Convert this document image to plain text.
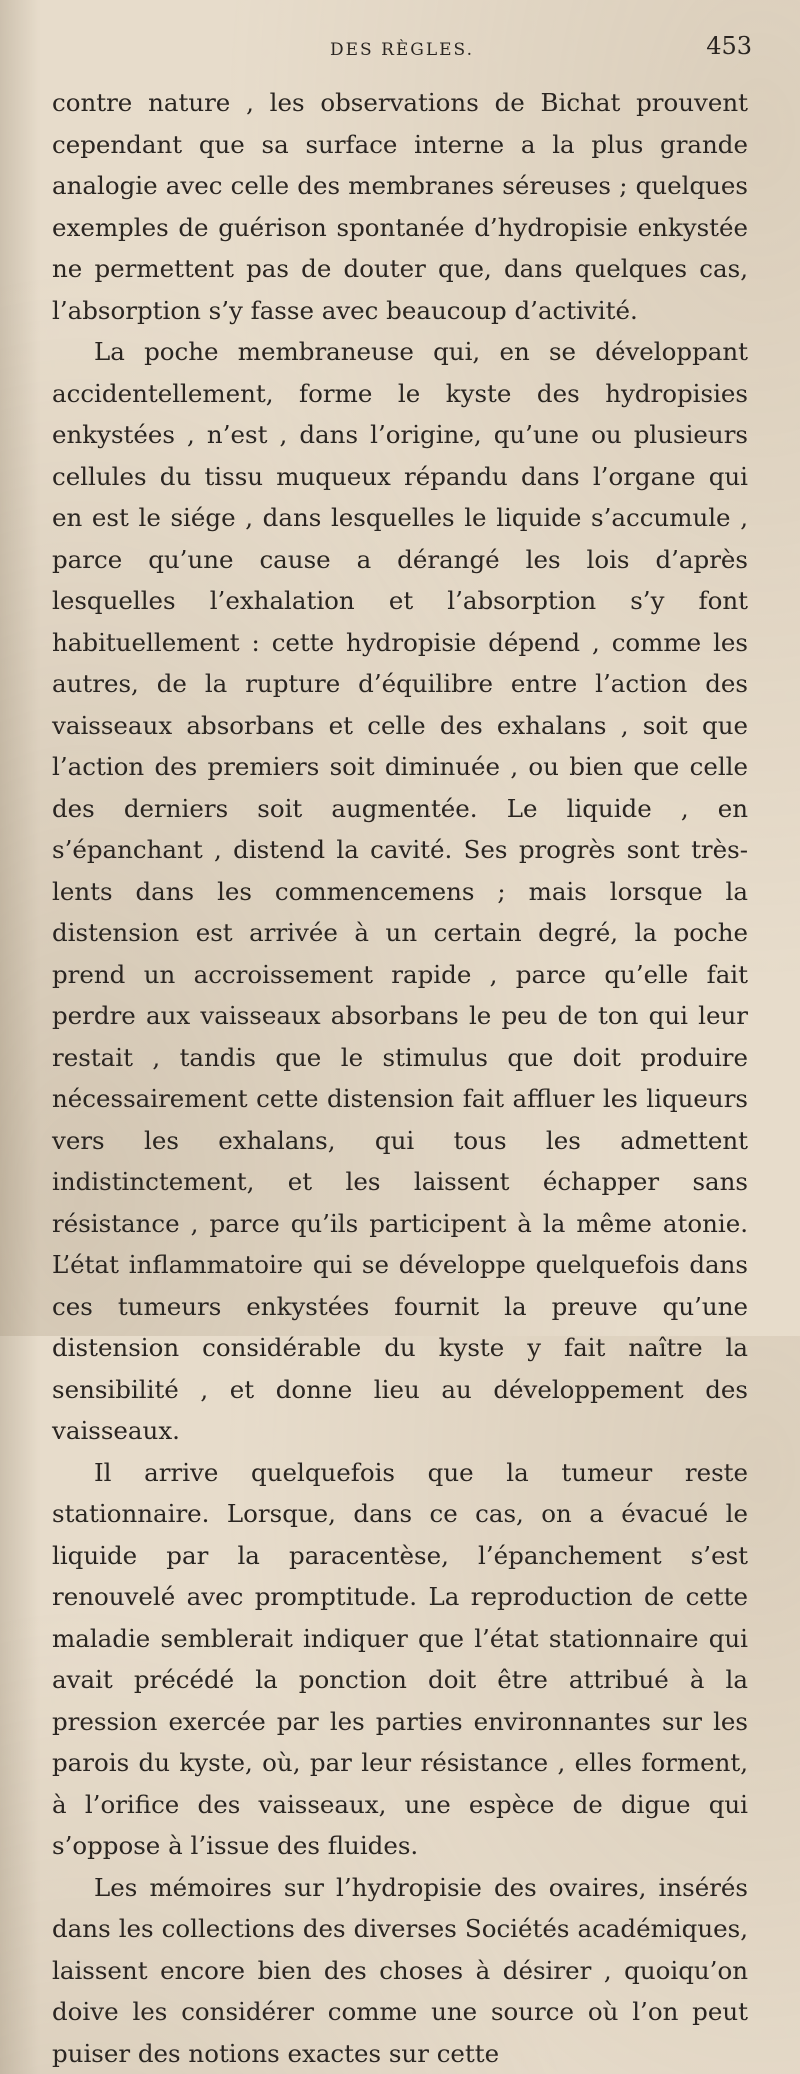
DES RÈGLES.	453

contre nature , les observations de Bichat prouvent cependant que sa surface interne a la plus grande analogie avec celle des membranes séreuses ; quelques exemples de guérison spontanée d’hydropisie enkystée ne permettent pas de douter que, dans quelques cas, l’absorption s’y fasse avec beaucoup d’activité.

La poche membraneuse qui, en se développant accidentellement, forme le kyste des hydropisies enkystées , n’est , dans l’origine, qu’une ou plusieurs cellules du tissu muqueux répandu dans l’organe qui en est le siége , dans lesquelles le liquide s’accumule , parce qu’une cause a dérangé les lois d’après lesquelles l’exhalation et l’absorption s’y font habituellement : cette hydropisie dépend , comme les autres, de la rupture d’équilibre entre l’action des vaisseaux absorbans et celle des exhalans , soit que l’action des premiers soit diminuée , ou bien que celle des derniers soit augmentée. Le liquide , en s’épanchant , distend la cavité. Ses progrès sont très-lents dans les commencemens ; mais lorsque la distension est arrivée à un certain degré, la poche prend un accroissement rapide , parce qu’elle fait perdre aux vaisseaux absorbans le peu de ton qui leur restait , tandis que le stimulus que doit produire nécessairement cette distension fait affluer les liqueurs vers les exhalans, qui tous les admettent indistinctement, et les laissent échapper sans résistance , parce qu’ils participent à la même atonie. L’état inflammatoire qui se développe quelquefois dans ces tumeurs enkystées fournit la preuve qu’une distension considérable du kyste y fait naître la sensibilité , et donne lieu au développement des vaisseaux.

Il arrive quelquefois que la tumeur reste stationnaire. Lorsque, dans ce cas, on a évacué le liquide par la paracentèse, l’épanchement s’est renouvelé avec promptitude. La reproduction de cette maladie semblerait indiquer que l’état stationnaire qui avait précédé la ponction doit être attribué à la pression exercée par les parties environnantes sur les parois du kyste, où, par leur résistance , elles forment, à l’orifice des vaisseaux, une espèce de digue qui s’oppose à l’issue des fluides.

Les mémoires sur l’hydropisie des ovaires, insérés dans les collections des diverses Sociétés académiques, laissent encore bien des choses à désirer , quoiqu’on doive les considérer comme une source où l’on peut puiser des notions exactes sur cette
